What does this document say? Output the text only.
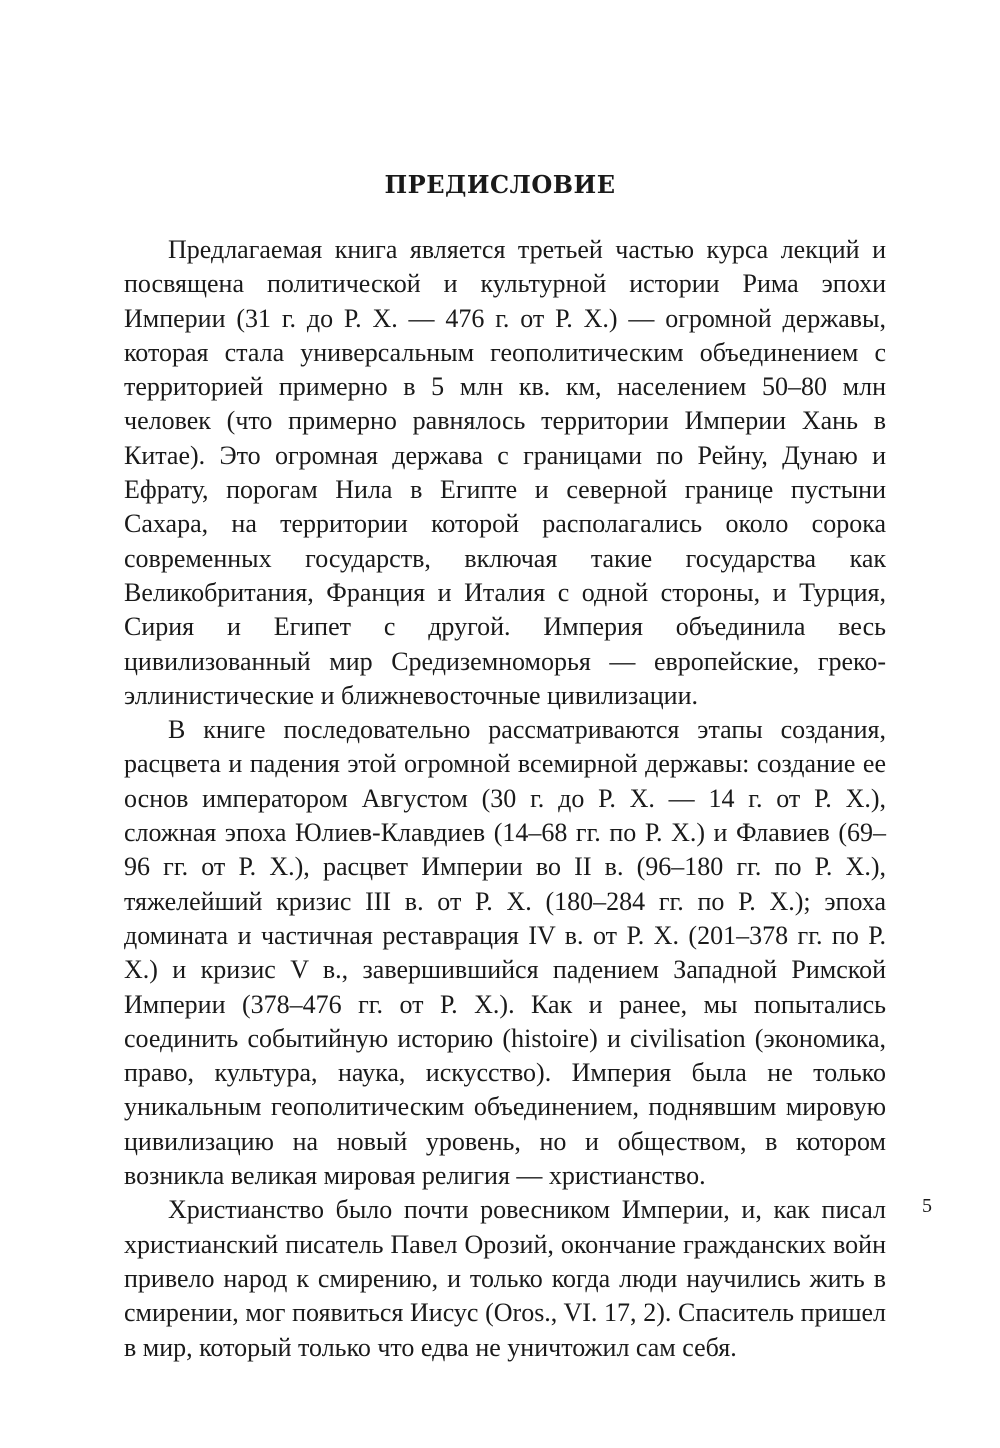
ПРЕДИСЛОВИЕ

Предлагаемая книга является третьей частью курса лекций и посвящена политической и культурной истории Рима эпохи Империи (31 г. до Р. Х. — 476 г. от Р. Х.) — огромной державы, которая стала универсальным геополитическим объединением с территорией примерно в 5 млн кв. км, населением 50–80 млн человек (что примерно равнялось территории Империи Хань в Китае). Это огромная держава с границами по Рейну, Дунаю и Ефрату, порогам Нила в Египте и северной границе пустыни Сахара, на территории которой располагались около сорока современных государств, включая такие государства как Великобритания, Франция и Италия с одной стороны, и Турция, Сирия и Египет с другой. Империя объединила весь цивилизованный мир Средиземноморья — европейские, греко-эллинистические и ближневосточные цивилизации.

В книге последовательно рассматриваются этапы создания, расцвета и падения этой огромной всемирной державы: создание ее основ императором Августом (30 г. до Р. Х. — 14 г. от Р. Х.), сложная эпоха Юлиев-Клавдиев (14–68 гг. по Р. Х.) и Флавиев (69–96 гг. от Р. Х.), расцвет Империи во II в. (96–180 гг. по Р. Х.), тяжелейший кризис III в. от Р. Х. (180–284 гг. по Р. Х.); эпоха домината и частичная реставрация IV в. от Р. Х. (201–378 гг. по Р. Х.) и кризис V в., завершившийся падением Западной Римской Империи (378–476 гг. от Р. Х.). Как и ранее, мы попытались соединить событийную историю (histoire) и civilisation (экономика, право, культура, наука, искусство). Империя была не только уникальным геополитическим объединением, поднявшим мировую цивилизацию на новый уровень, но и обществом, в котором возникла великая мировая религия — христианство.

Христианство было почти ровесником Империи, и, как писал христианский писатель Павел Орозий, окончание гражданских войн привело народ к смирению, и только когда люди научились жить в смирении, мог появиться Иисус (Oros., VI. 17, 2). Спаситель пришел в мир, который только что едва не уничтожил сам себя.

5
